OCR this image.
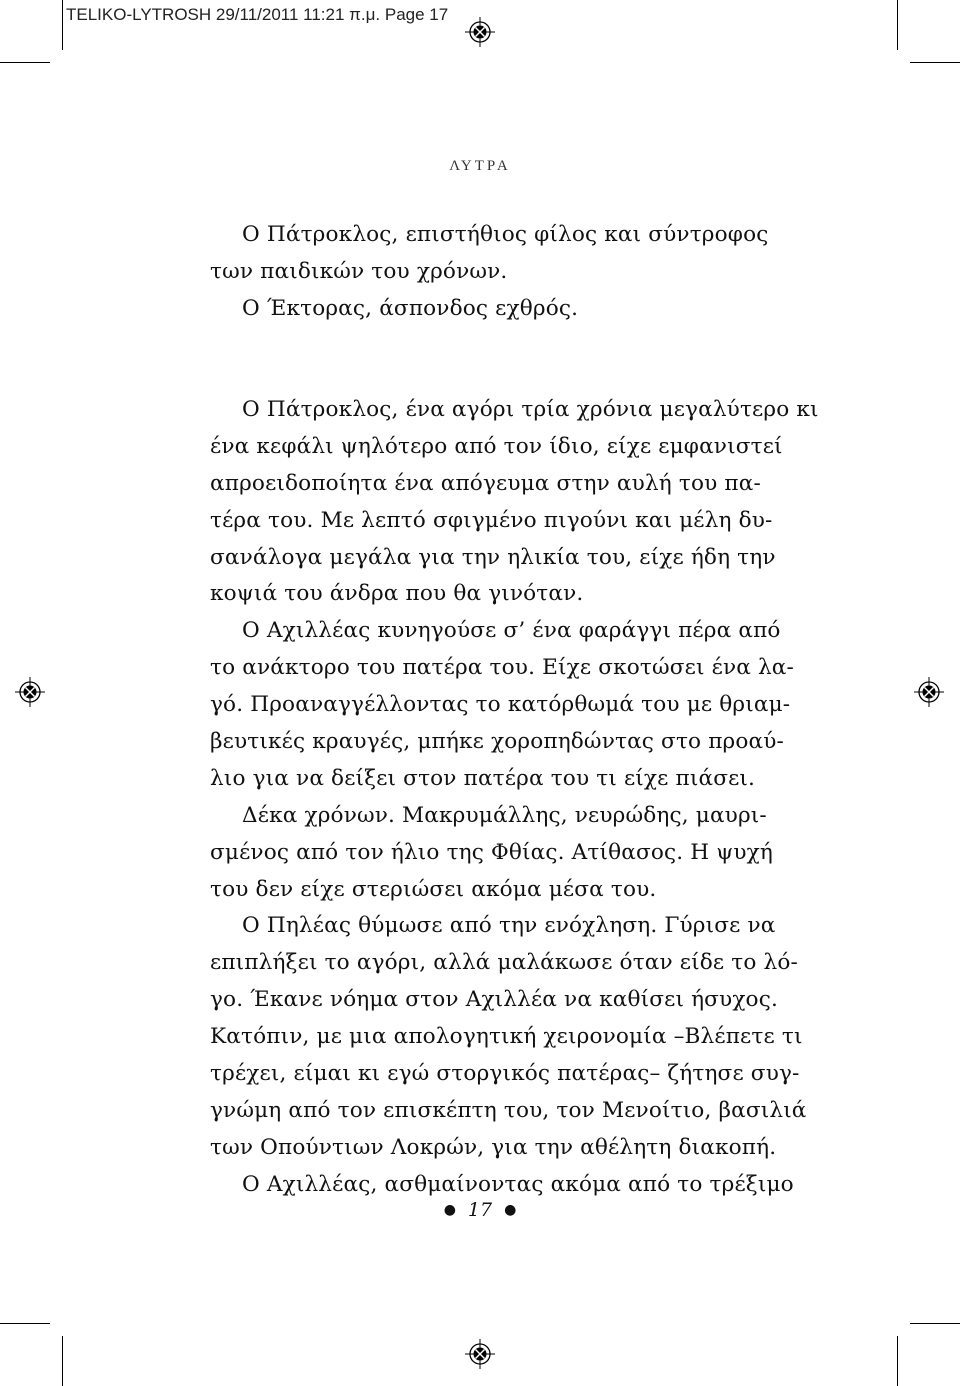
TELIKO-LYTROSH 29/11/2011 11:21 π.μ. Page 17
ΛΥΤΡΑ
Ο Πάτροκλος, επιστήθιος φίλος και σύντροφος
των παιδικών του χρόνων.
Ο Έκτορας, άσπονδος εχθρός.
Ο Πάτροκλος, ένα αγόρι τρία χρόνια μεγαλύτερο κι
ένα κεφάλι ψηλότερο από τον ίδιο, είχε εμφανιστεί
απροειδοποίητα ένα απόγευμα στην αυλή του πα-
τέρα του. Με λεπτό σφιγμένο πιγούνι και μέλη δυ-
σανάλογα μεγάλα για την ηλικία του, είχε ήδη την
κοψιά του άνδρα που θα γινόταν.
Ο Αχιλλέας κυνηγούσε σ’ ένα φαράγγι πέρα από
το ανάκτορο του πατέρα του. Είχε σκοτώσει ένα λα-
γό. Προαναγγέλλοντας το κατόρθωμά του με θριαμ-
βευτικές κραυγές, μπήκε χοροπηδώντας στο προαύ-
λιο για να δείξει στον πατέρα του τι είχε πιάσει.
Δέκα χρόνων. Μακρυμάλλης, νευρώδης, μαυρι-
σμένος από τον ήλιο της Φθίας. Ατίθασος. Η ψυχή
του δεν είχε στεριώσει ακόμα μέσα του.
Ο Πηλέας θύμωσε από την ενόχληση. Γύρισε να
επιπλήξει το αγόρι, αλλά μαλάκωσε όταν είδε το λό-
γο. Έκανε νόημα στον Αχιλλέα να καθίσει ήσυχος.
Κατόπιν, με μια απολογητική χειρονομία –Βλέπετε τι
τρέχει, είμαι κι εγώ στοργικός πατέρας– ζήτησε συγ-
γνώμη από τον επισκέπτη του, τον Μενοίτιο, βασιλιά
των Οπούντιων Λοκρών, για την αθέλητη διακοπή.
Ο Αχιλλέας, ασθμαίνοντας ακόμα από το τρέξιμο
● 17 ●
